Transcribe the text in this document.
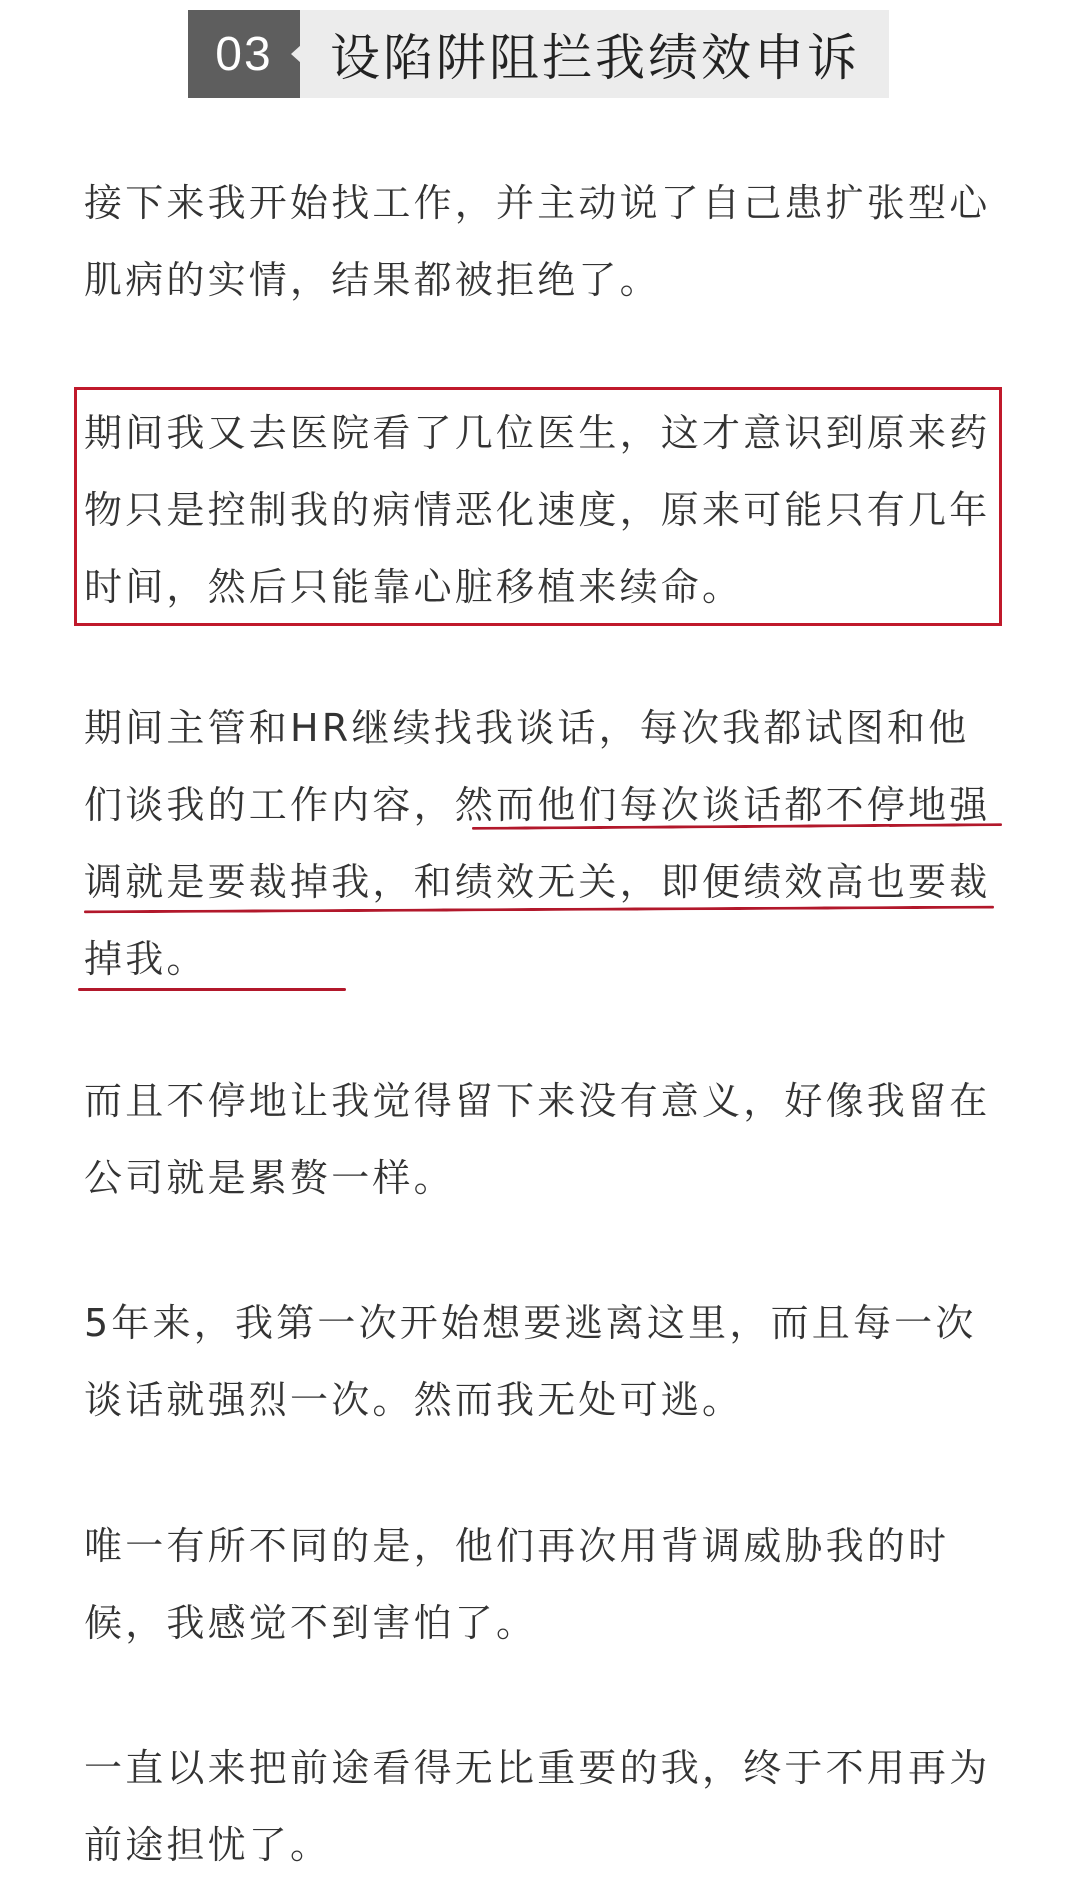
03	设陷阱阻拦我绩效申诉

接下来我开始找工作，并主动说了自己患扩张型心肌病的实情，结果都被拒绝了。

期间我又去医院看了几位医生，这才意识到原来药物只是控制我的病情恶化速度，原来可能只有几年时间，然后只能靠心脏移植来续命。

期间主管和HR继续找我谈话，每次我都试图和他们谈我的工作内容，然而他们每次谈话都不停地强调就是要裁掉我，和绩效无关，即便绩效高也要裁掉我。

而且不停地让我觉得留下来没有意义，好像我留在公司就是累赘一样。

5年来，我第一次开始想要逃离这里，而且每一次谈话就强烈一次。然而我无处可逃。

唯一有所不同的是，他们再次用背调威胁我的时候，我感觉不到害怕了。

一直以来把前途看得无比重要的我，终于不用再为前途担忧了。
